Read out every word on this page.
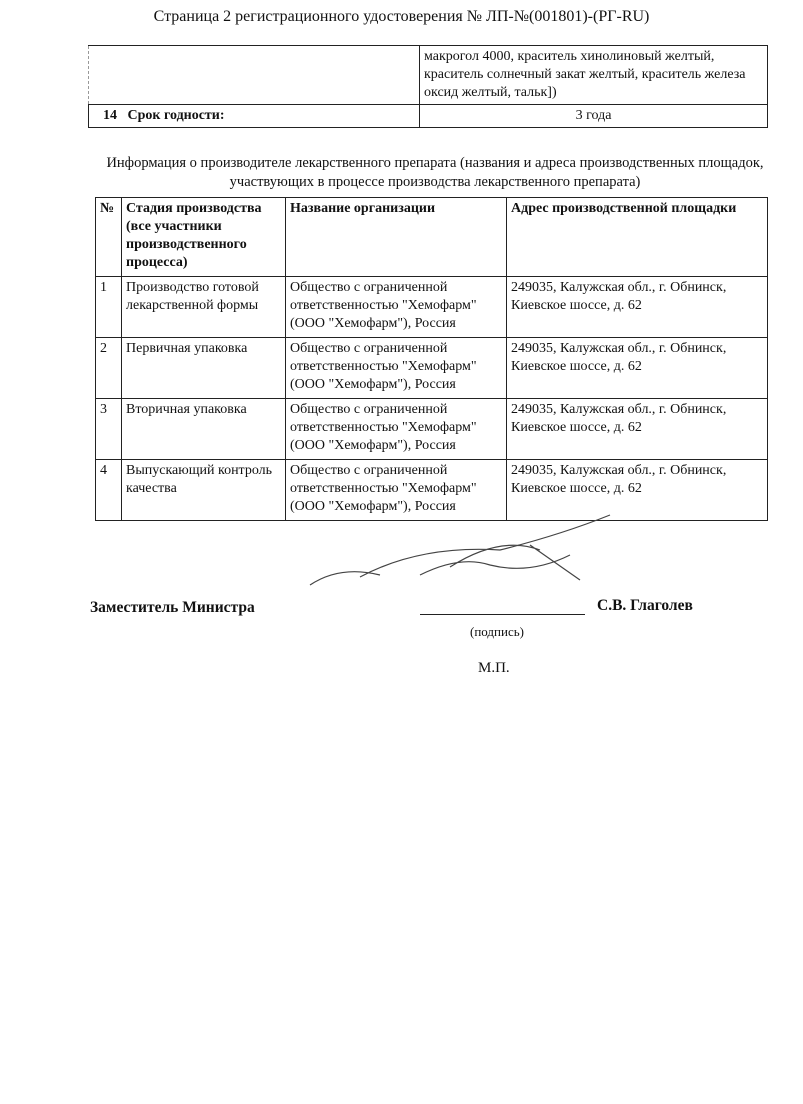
Страница 2 регистрационного удостоверения № ЛП-№(001801)-(РГ-RU)
	макрогол 4000, краситель хинолиновый желтый, краситель солнечный закат желтый, краситель железа оксид желтый, тальк])
14 Срок годности:	3 года
Информация о производителе лекарственного препарата (названия и адреса производственных площадок, участвующих в процессе производства лекарственного препарата)
№	Стадия производства (все участники производственного процесса)	Название организации	Адрес производственной площадки
1	Производство готовой лекарственной формы	Общество с ограниченной ответственностью "Хемофарм" (ООО "Хемофарм"), Россия	249035, Калужская обл., г. Обнинск, Киевское шоссе, д. 62
2	Первичная упаковка	Общество с ограниченной ответственностью "Хемофарм" (ООО "Хемофарм"), Россия	249035, Калужская обл., г. Обнинск, Киевское шоссе, д. 62
3	Вторичная упаковка	Общество с ограниченной ответственностью "Хемофарм" (ООО "Хемофарм"), Россия	249035, Калужская обл., г. Обнинск, Киевское шоссе, д. 62
4	Выпускающий контроль качества	Общество с ограниченной ответственностью "Хемофарм" (ООО "Хемофарм"), Россия	249035, Калужская обл., г. Обнинск, Киевское шоссе, д. 62
Заместитель Министра	С.В. Глаголев
(подпись)
М.П.
